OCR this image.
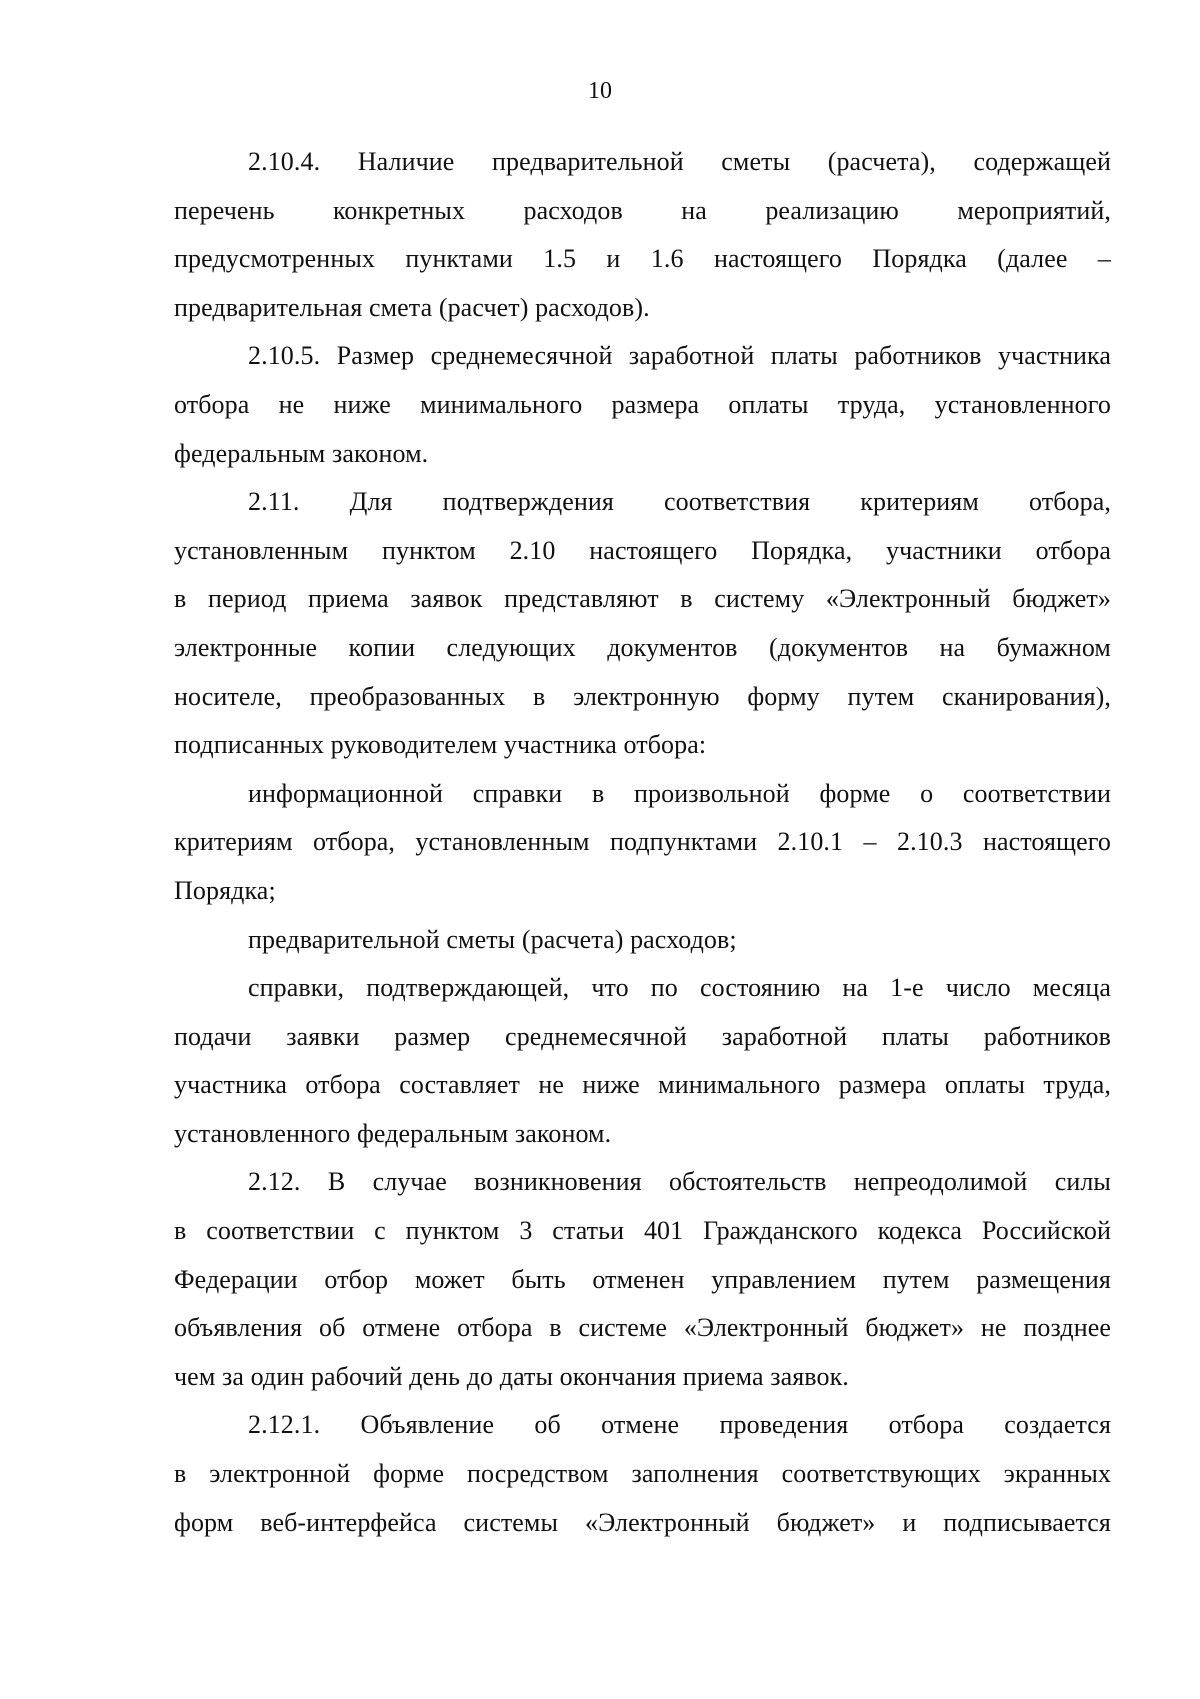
10
2.10.4. Наличие предварительной сметы (расчета), содержащей
перечень конкретных расходов на реализацию мероприятий,
предусмотренных пунктами 1.5 и 1.6 настоящего Порядка (далее –
предварительная смета (расчет) расходов).
2.10.5. Размер среднемесячной заработной платы работников участника
отбора не ниже минимального размера оплаты труда, установленного
федеральным законом.
2.11. Для подтверждения соответствия критериям отбора,
установленным пунктом 2.10 настоящего Порядка, участники отбора
в период приема заявок представляют в систему «Электронный бюджет»
электронные копии следующих документов (документов на бумажном
носителе, преобразованных в электронную форму путем сканирования),
подписанных руководителем участника отбора:
информационной справки в произвольной форме о соответствии
критериям отбора, установленным подпунктами 2.10.1 – 2.10.3 настоящего
Порядка;
предварительной сметы (расчета) расходов;
справки, подтверждающей, что по состоянию на 1-е число месяца
подачи заявки размер среднемесячной заработной платы работников
участника отбора составляет не ниже минимального размера оплаты труда,
установленного федеральным законом.
2.12. В случае возникновения обстоятельств непреодолимой силы
в соответствии с пунктом 3 статьи 401 Гражданского кодекса Российской
Федерации отбор может быть отменен управлением путем размещения
объявления об отмене отбора в системе «Электронный бюджет» не позднее
чем за один рабочий день до даты окончания приема заявок.
2.12.1. Объявление об отмене проведения отбора создается
в электронной форме посредством заполнения соответствующих экранных
форм веб-интерфейса системы «Электронный бюджет» и подписывается
